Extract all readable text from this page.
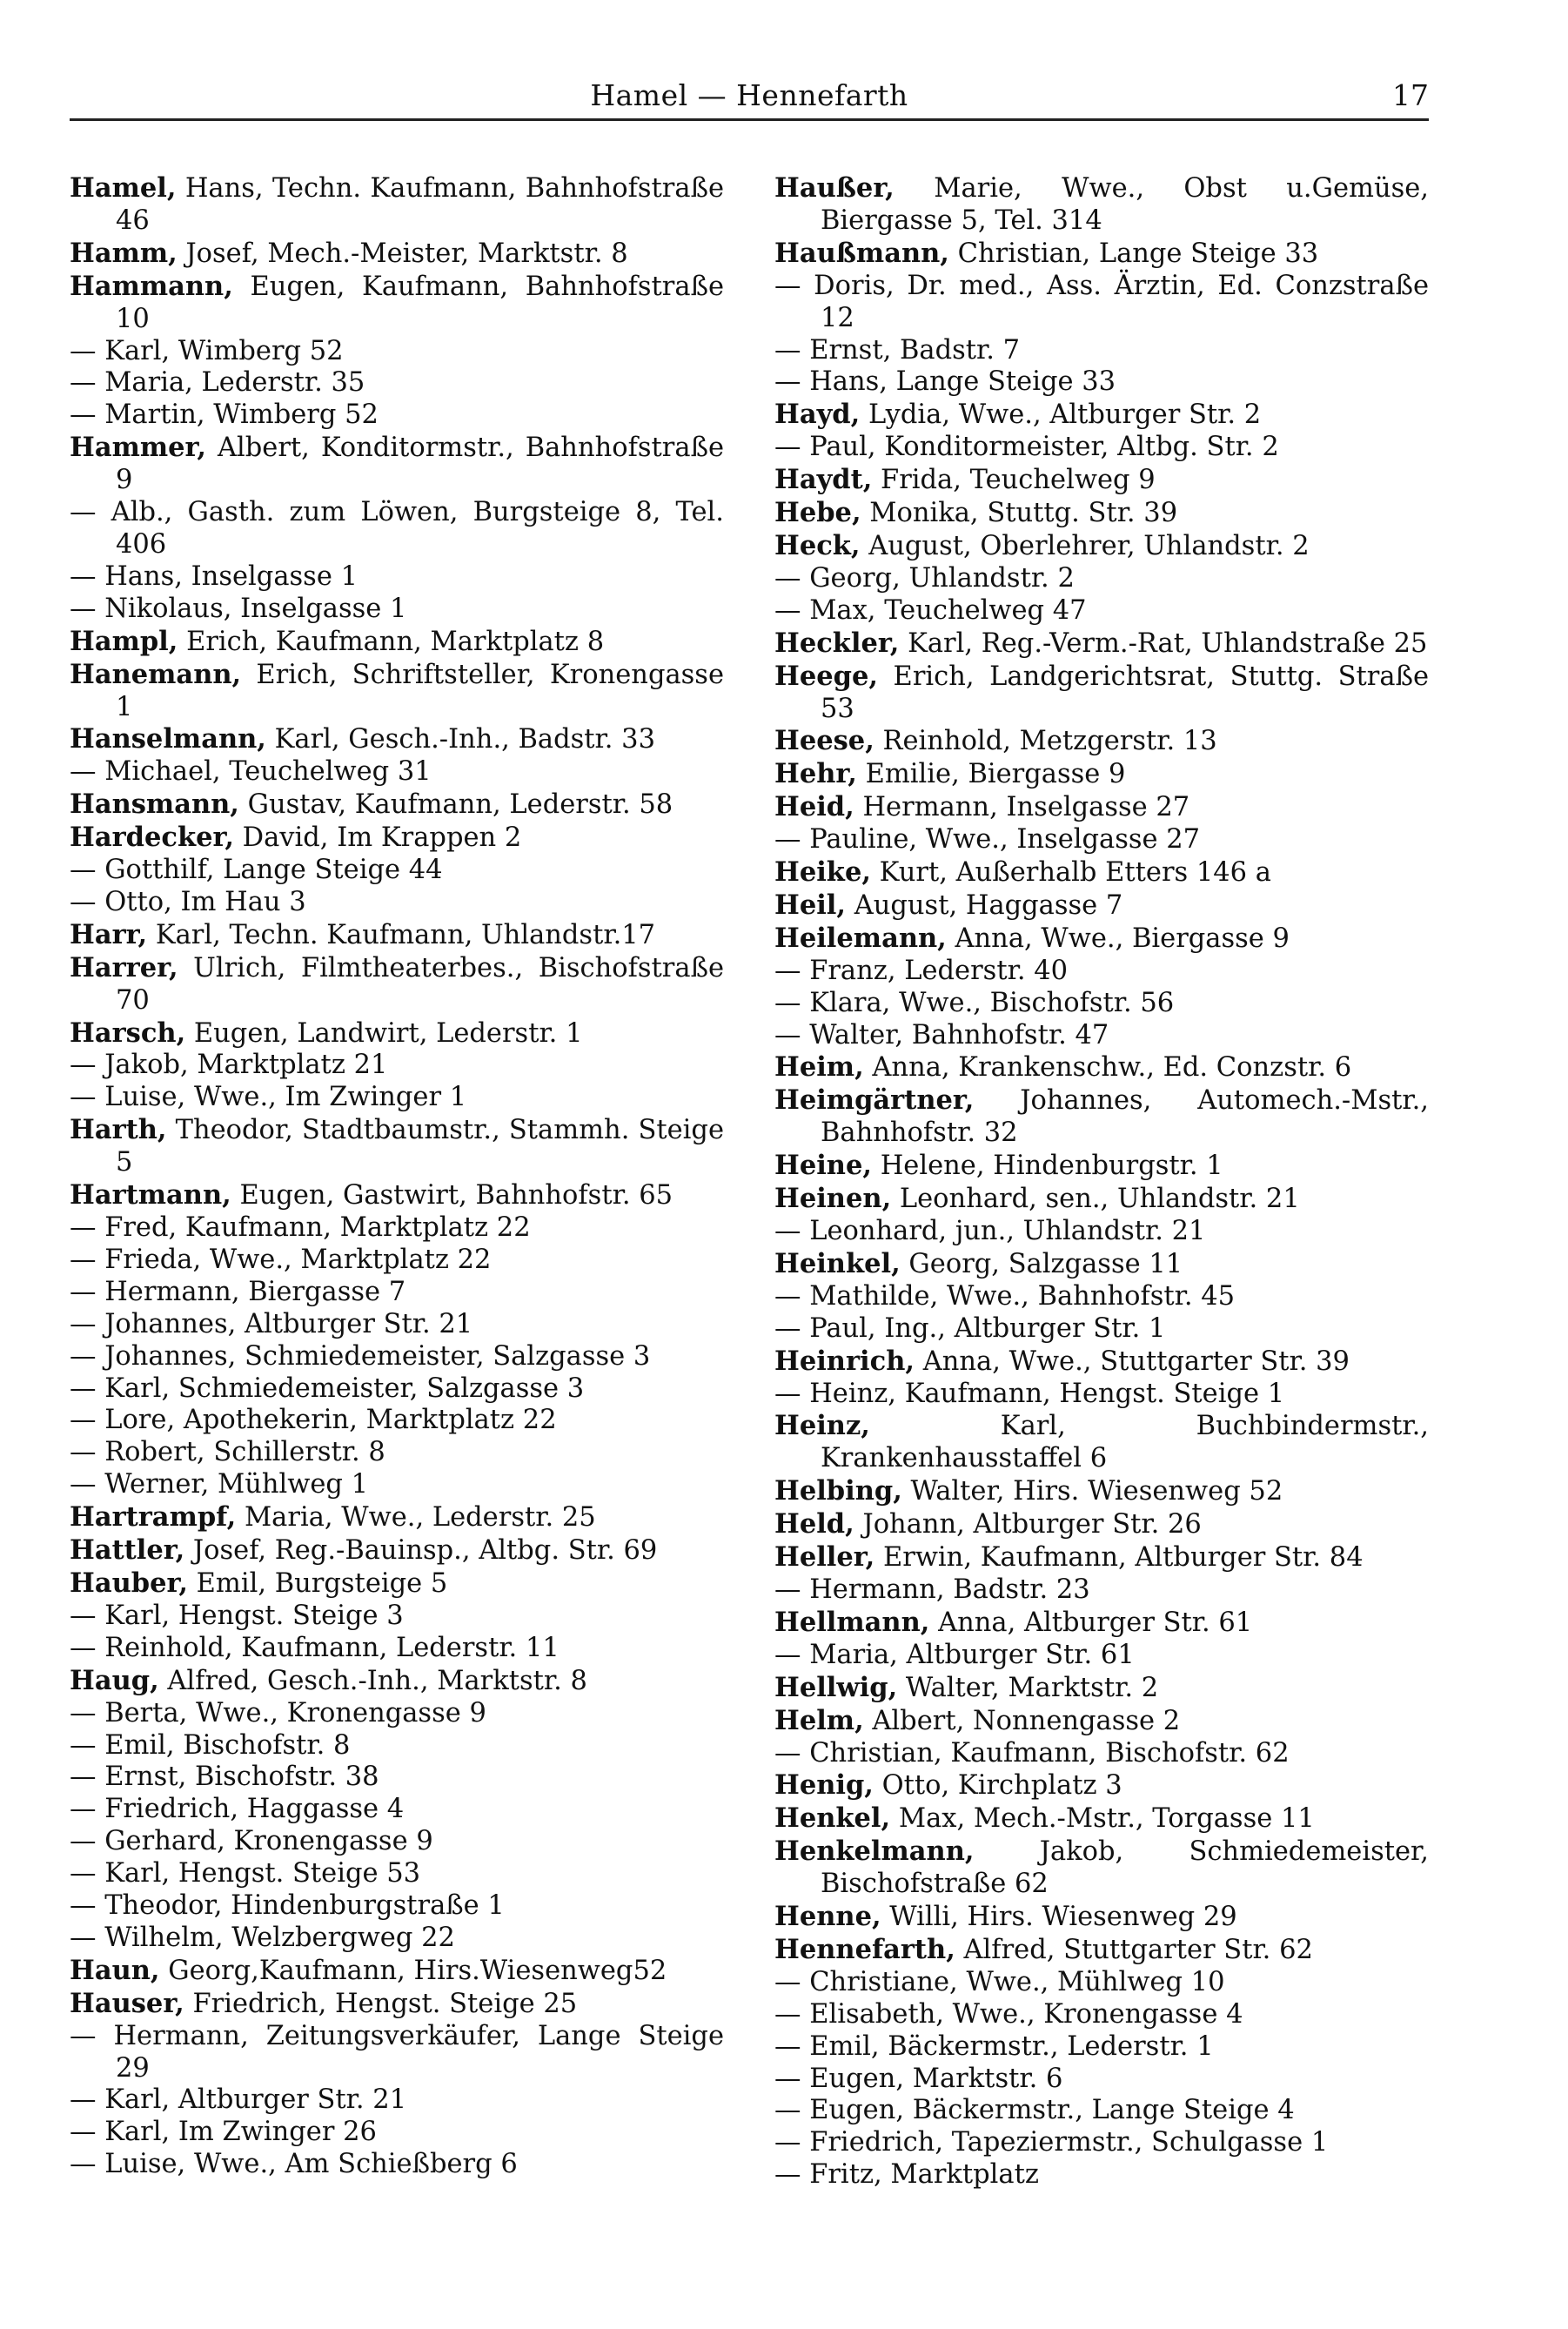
Hamel — Hennefarth	17
Hamel, Hans, Techn. Kaufmann, Bahnhofstraße 46
Hamm, Josef, Mech.-Meister, Marktstr. 8
Hammann, Eugen, Kaufmann, Bahnhofstraße 10
— Karl, Wimberg 52
— Maria, Lederstr. 35
— Martin, Wimberg 52
Hammer, Albert, Konditormstr., Bahnhofstraße 9
— Alb., Gasth. zum Löwen, Burgsteige 8, Tel. 406
— Hans, Inselgasse 1
— Nikolaus, Inselgasse 1
Hampl, Erich, Kaufmann, Marktplatz 8
Hanemann, Erich, Schriftsteller, Kronengasse 1
Hanselmann, Karl, Gesch.-Inh., Badstr. 33
— Michael, Teuchelweg 31
Hansmann, Gustav, Kaufmann, Lederstr. 58
Hardecker, David, Im Krappen 2
— Gotthilf, Lange Steige 44
— Otto, Im Hau 3
Harr, Karl, Techn. Kaufmann, Uhlandstr.17
Harrer, Ulrich, Filmtheaterbes., Bischofstraße 70
Harsch, Eugen, Landwirt, Lederstr. 1
— Jakob, Marktplatz 21
— Luise, Wwe., Im Zwinger 1
Harth, Theodor, Stadtbaumstr., Stammh. Steige 5
Hartmann, Eugen, Gastwirt, Bahnhofstr. 65
— Fred, Kaufmann, Marktplatz 22
— Frieda, Wwe., Marktplatz 22
— Hermann, Biergasse 7
— Johannes, Altburger Str. 21
— Johannes, Schmiedemeister, Salzgasse 3
— Karl, Schmiedemeister, Salzgasse 3
— Lore, Apothekerin, Marktplatz 22
— Robert, Schillerstr. 8
— Werner, Mühlweg 1
Hartrampf, Maria, Wwe., Lederstr. 25
Hattler, Josef, Reg.-Bauinsp., Altbg. Str. 69
Hauber, Emil, Burgsteige 5
— Karl, Hengst. Steige 3
— Reinhold, Kaufmann, Lederstr. 11
Haug, Alfred, Gesch.-Inh., Marktstr. 8
— Berta, Wwe., Kronengasse 9
— Emil, Bischofstr. 8
— Ernst, Bischofstr. 38
— Friedrich, Haggasse 4
— Gerhard, Kronengasse 9
— Karl, Hengst. Steige 53
— Theodor, Hindenburgstraße 1
— Wilhelm, Welzbergweg 22
Haun, Georg,Kaufmann, Hirs.Wiesenweg52
Hauser, Friedrich, Hengst. Steige 25
— Hermann, Zeitungsverkäufer, Lange Steige 29
— Karl, Altburger Str. 21
— Karl, Im Zwinger 26
— Luise, Wwe., Am Schießberg 6
Haußer, Marie, Wwe., Obst u.Gemüse, Biergasse 5, Tel. 314
Haußmann, Christian, Lange Steige 33
— Doris, Dr. med., Ass. Ärztin, Ed. Conzstraße 12
— Ernst, Badstr. 7
— Hans, Lange Steige 33
Hayd, Lydia, Wwe., Altburger Str. 2
— Paul, Konditormeister, Altbg. Str. 2
Haydt, Frida, Teuchelweg 9
Hebe, Monika, Stuttg. Str. 39
Heck, August, Oberlehrer, Uhlandstr. 2
— Georg, Uhlandstr. 2
— Max, Teuchelweg 47
Heckler, Karl, Reg.-Verm.-Rat, Uhlandstraße 25
Heege, Erich, Landgerichtsrat, Stuttg. Straße 53
Heese, Reinhold, Metzgerstr. 13
Hehr, Emilie, Biergasse 9
Heid, Hermann, Inselgasse 27
— Pauline, Wwe., Inselgasse 27
Heike, Kurt, Außerhalb Etters 146 a
Heil, August, Haggasse 7
Heilemann, Anna, Wwe., Biergasse 9
— Franz, Lederstr. 40
— Klara, Wwe., Bischofstr. 56
— Walter, Bahnhofstr. 47
Heim, Anna, Krankenschw., Ed. Conzstr. 6
Heimgärtner, Johannes, Automech.-Mstr., Bahnhofstr. 32
Heine, Helene, Hindenburgstr. 1
Heinen, Leonhard, sen., Uhlandstr. 21
— Leonhard, jun., Uhlandstr. 21
Heinkel, Georg, Salzgasse 11
— Mathilde, Wwe., Bahnhofstr. 45
— Paul, Ing., Altburger Str. 1
Heinrich, Anna, Wwe., Stuttgarter Str. 39
— Heinz, Kaufmann, Hengst. Steige 1
Heinz, Karl, Buchbindermstr., Krankenhausstaffel 6
Helbing, Walter, Hirs. Wiesenweg 52
Held, Johann, Altburger Str. 26
Heller, Erwin, Kaufmann, Altburger Str. 84
— Hermann, Badstr. 23
Hellmann, Anna, Altburger Str. 61
— Maria, Altburger Str. 61
Hellwig, Walter, Marktstr. 2
Helm, Albert, Nonnengasse 2
— Christian, Kaufmann, Bischofstr. 62
Henig, Otto, Kirchplatz 3
Henkel, Max, Mech.-Mstr., Torgasse 11
Henkelmann, Jakob, Schmiedemeister, Bischofstraße 62
Henne, Willi, Hirs. Wiesenweg 29
Hennefarth, Alfred, Stuttgarter Str. 62
— Christiane, Wwe., Mühlweg 10
— Elisabeth, Wwe., Kronengasse 4
— Emil, Bäckermstr., Lederstr. 1
— Eugen, Marktstr. 6
— Eugen, Bäckermstr., Lange Steige 4
— Friedrich, Tapeziermstr., Schulgasse 1
— Fritz, Marktplatz
